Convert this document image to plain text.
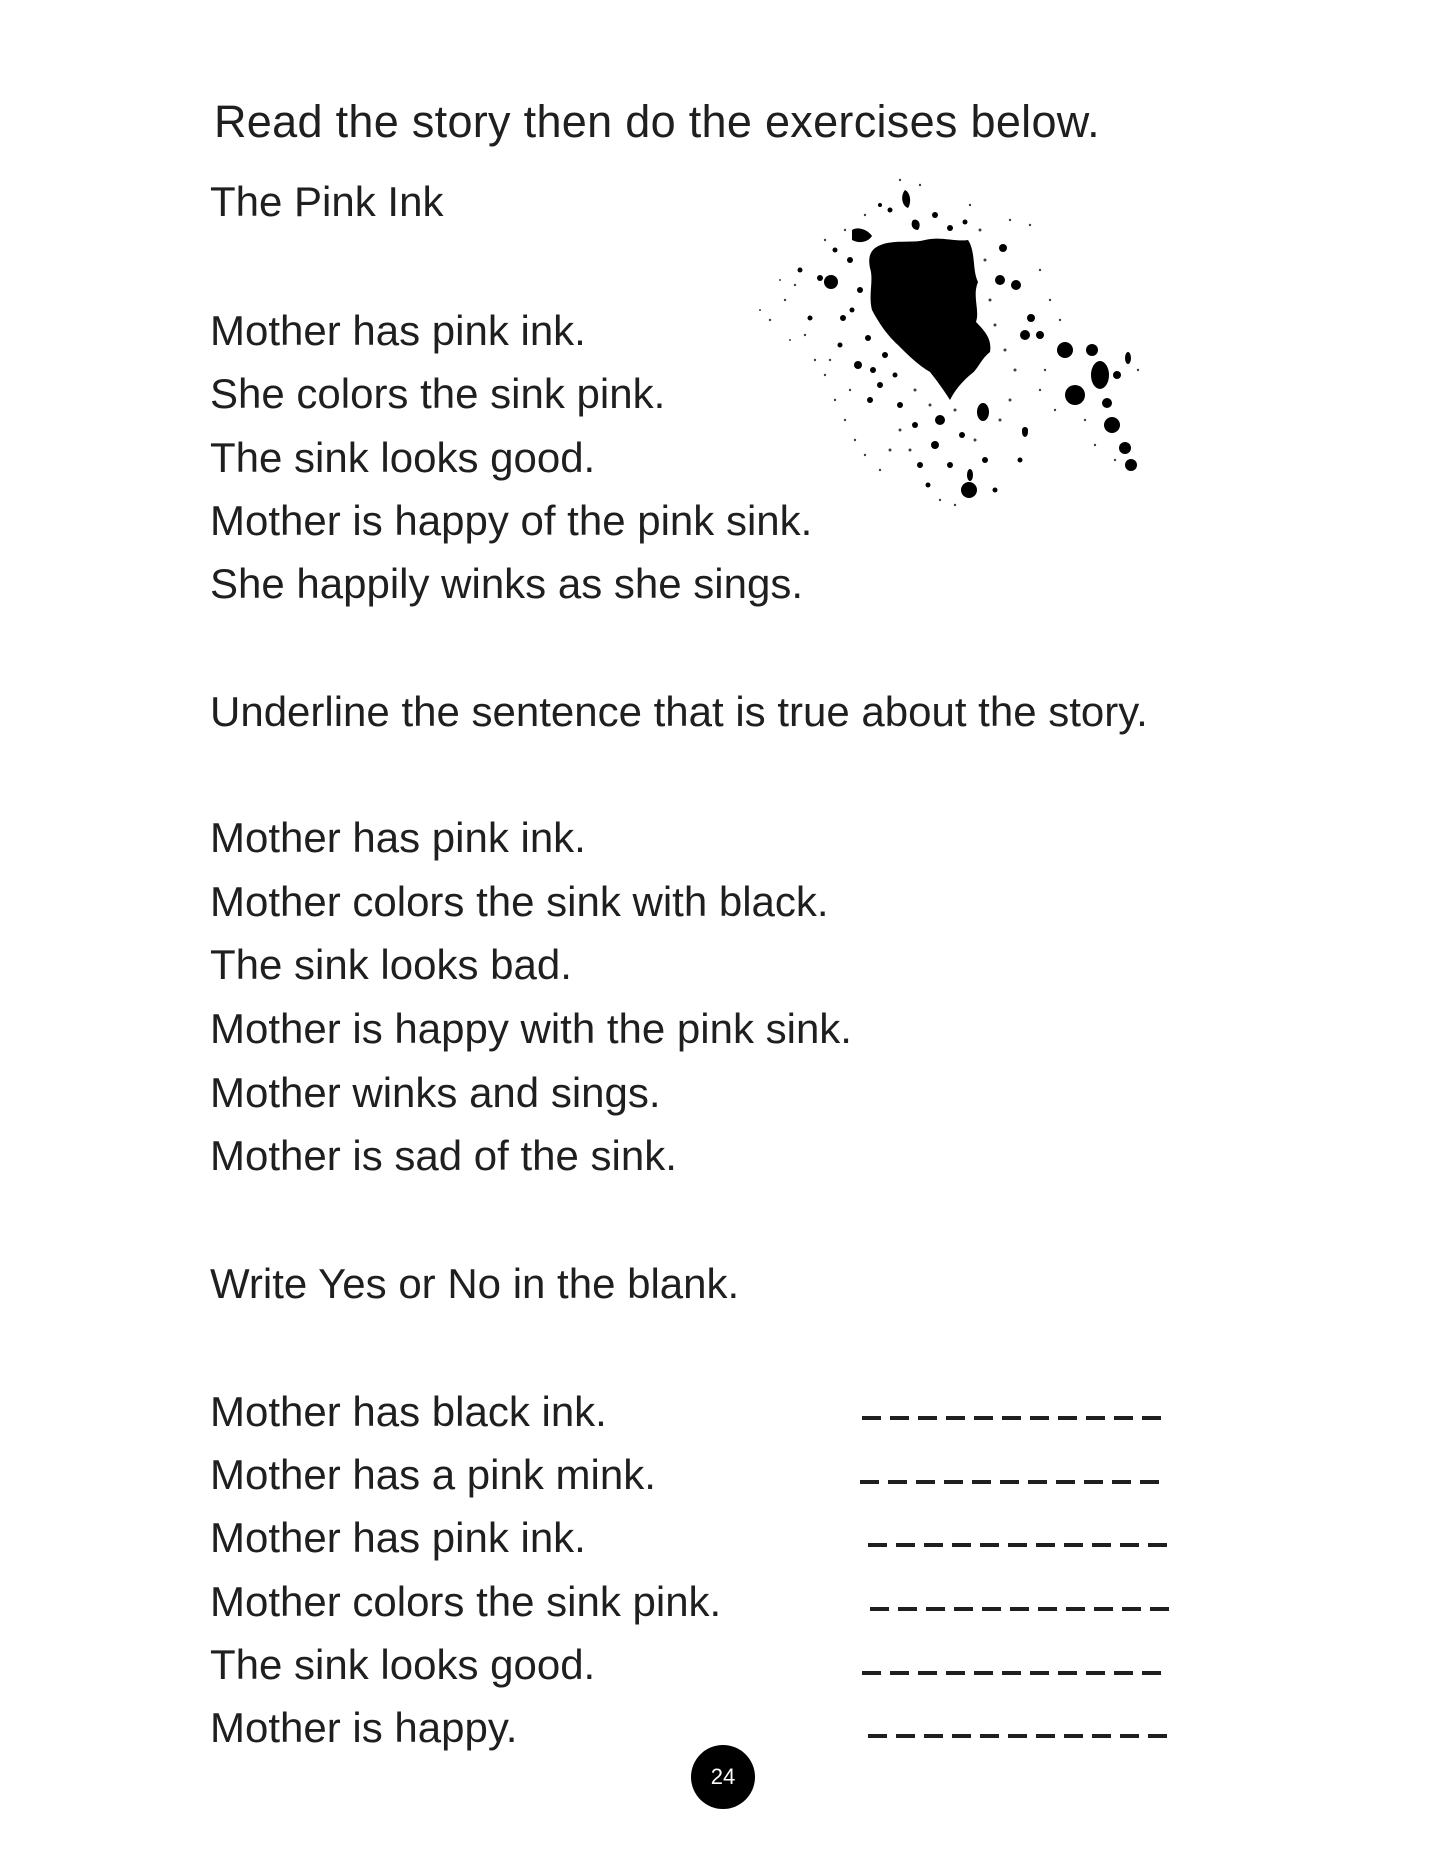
Read the story then do the exercises below.
The Pink Ink
Mother has pink ink.
She colors the sink pink.
The sink looks good.
Mother is happy of the pink sink.
She happily winks as she sings.
Underline the sentence that is true about the story.
Mother has pink ink.
Mother colors the sink with black.
The sink looks bad.
Mother is happy with the pink sink.
Mother winks and sings.
Mother is sad of the sink.
Write Yes or No in the blank.
Mother has black ink.
Mother has a pink mink.
Mother has pink ink.
Mother colors the sink pink.
The sink looks good.
Mother is happy.
24
